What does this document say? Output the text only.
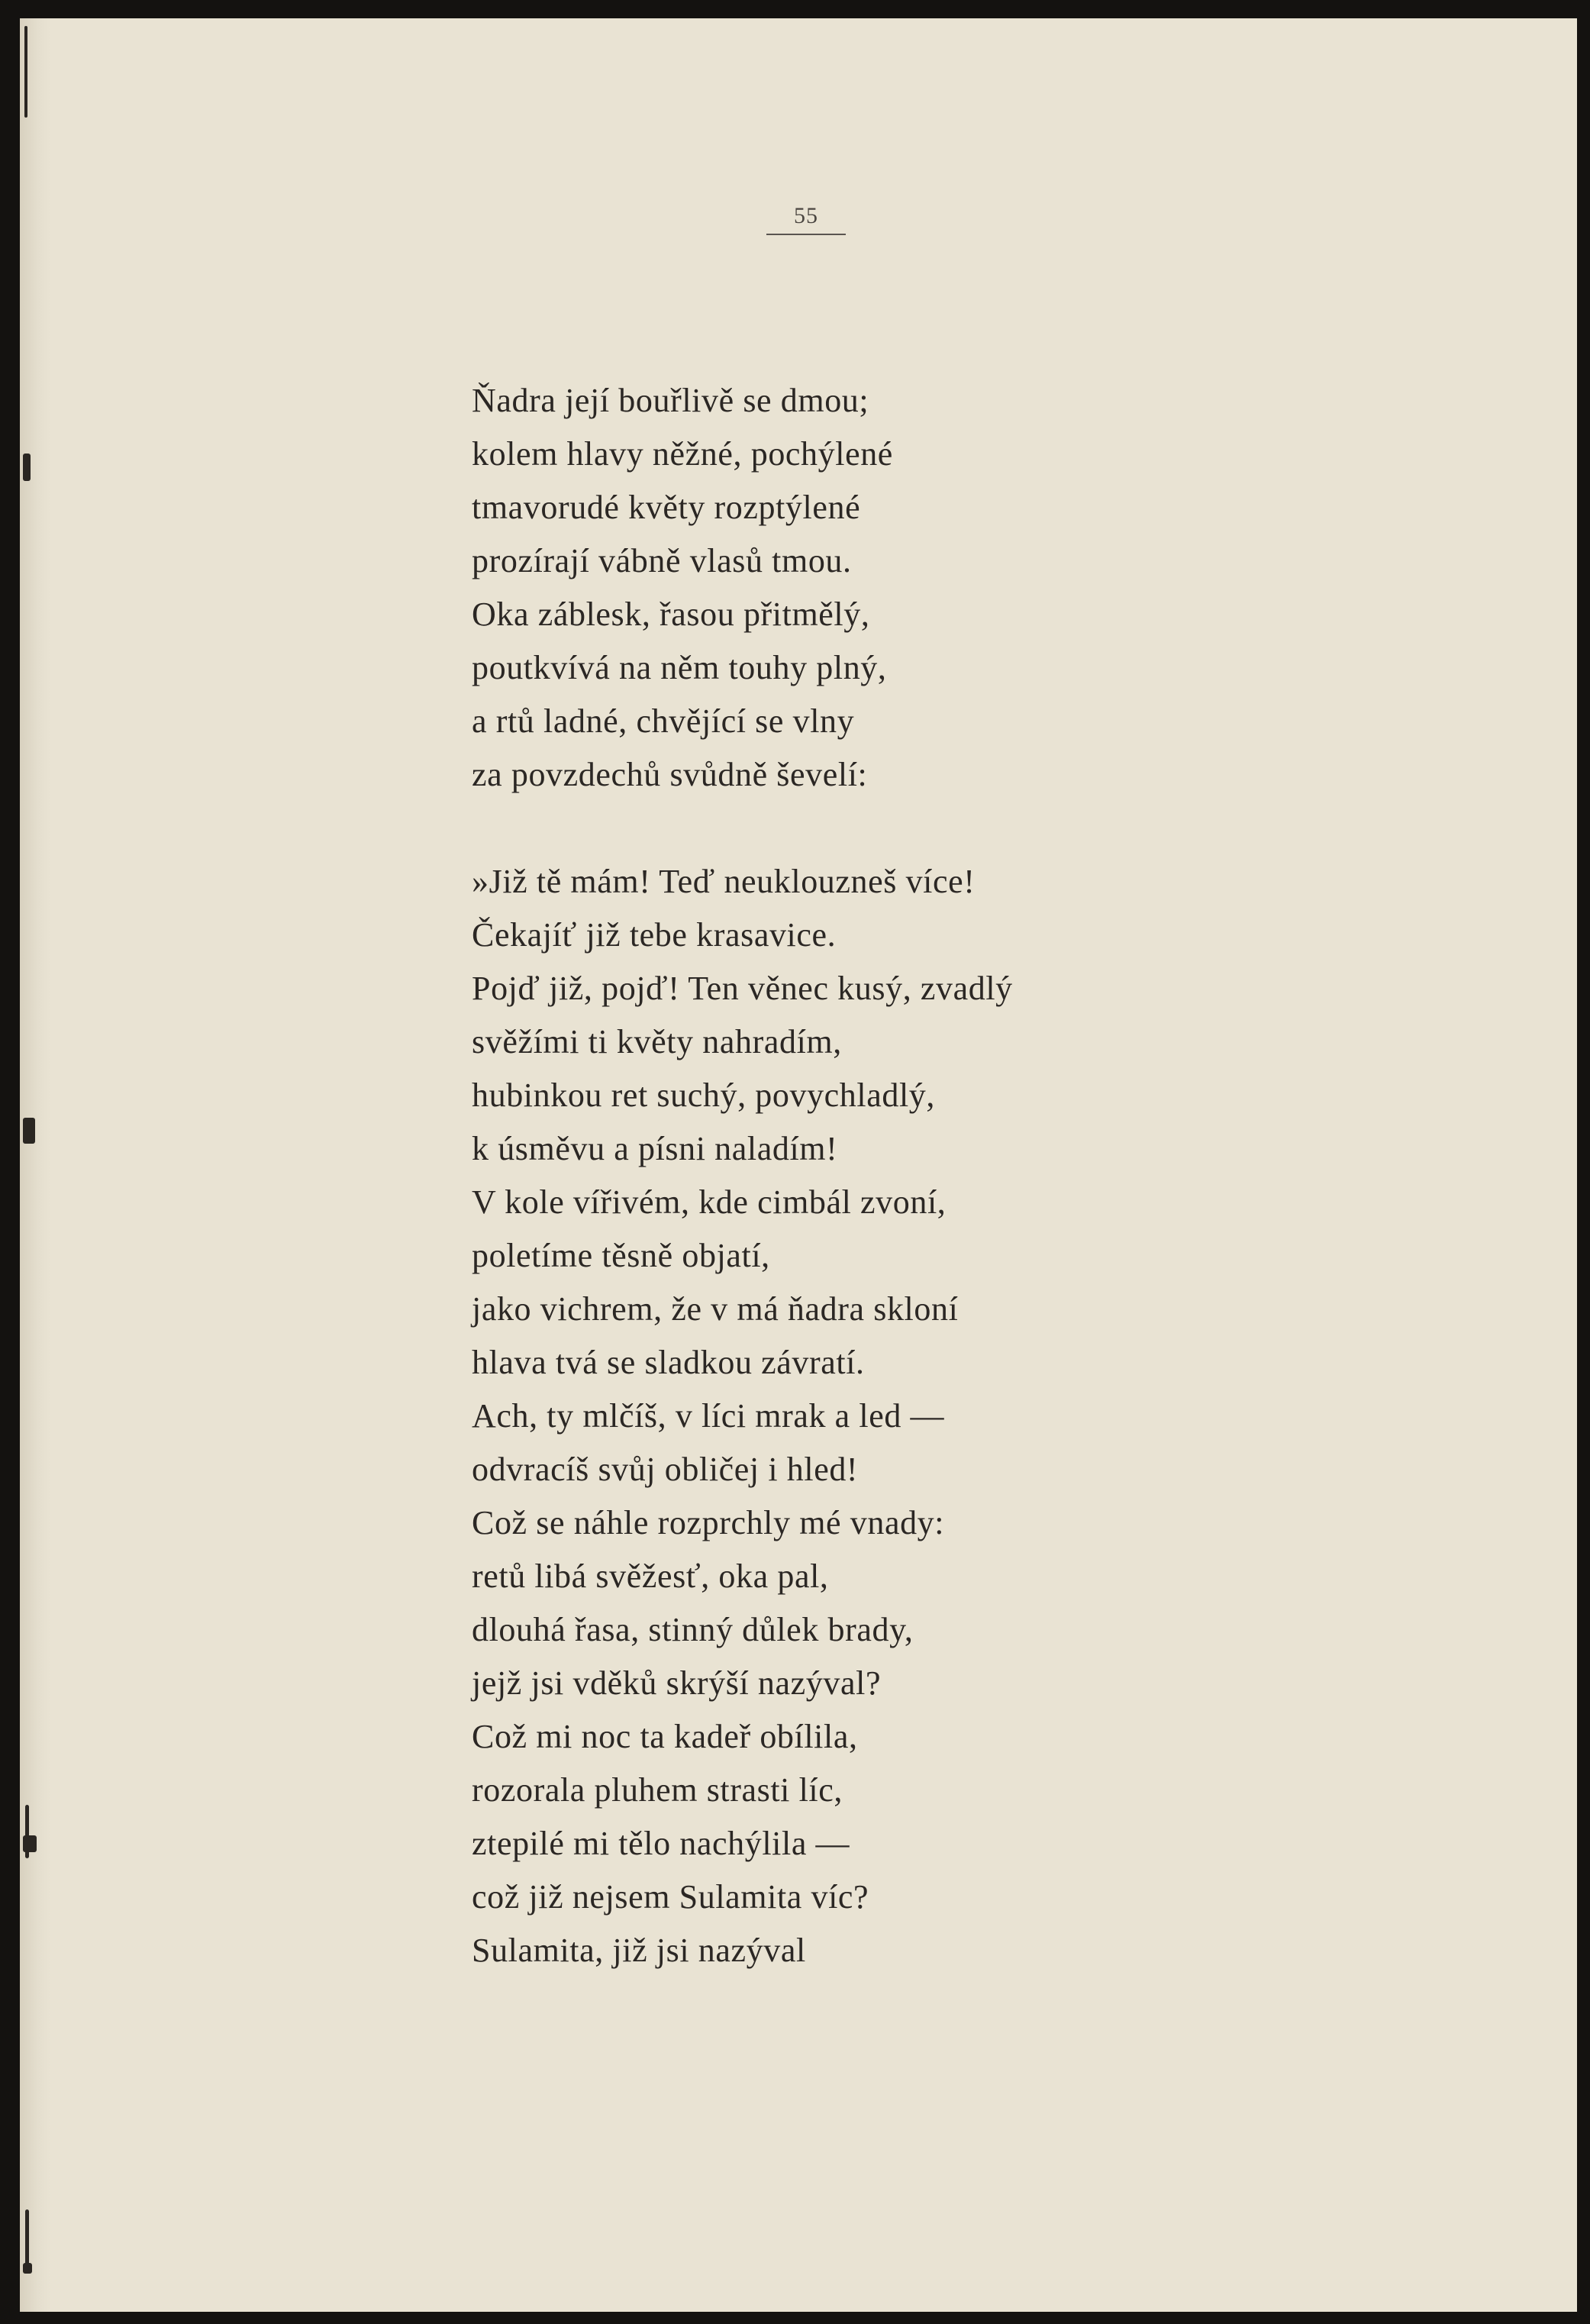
55
Ňadra její bouřlivě se dmou;
kolem hlavy něžné, pochýlené
tmavorudé květy rozptýlené
prozírají vábně vlasů tmou.
Oka záblesk, řasou přitmělý,
poutkvívá na něm touhy plný,
a rtů ladné, chvějící se vlny
za povzdechů svůdně ševelí:
»Již tě mám! Teď neuklouzneš více!
Čekajíť již tebe krasavice.
Pojď již, pojď! Ten věnec kusý, zvadlý
svěžími ti květy nahradím,
hubinkou ret suchý, povychladlý,
k úsměvu a písni naladím!
V kole vířivém, kde cimbál zvoní,
poletíme těsně objatí,
jako vichrem, že v má ňadra skloní
hlava tvá se sladkou závratí.
Ach, ty mlčíš, v líci mrak a led —
odvracíš svůj obličej i hled!
Což se náhle rozprchly mé vnady:
retů libá svěžesť, oka pal,
dlouhá řasa, stinný důlek brady,
jejž jsi vděků skrýší nazýval?
Což mi noc ta kadeř obílila,
rozorala pluhem strasti líc,
ztepilé mi tělo nachýlila —
což již nejsem Sulamita víc?
Sulamita, již jsi nazýval
